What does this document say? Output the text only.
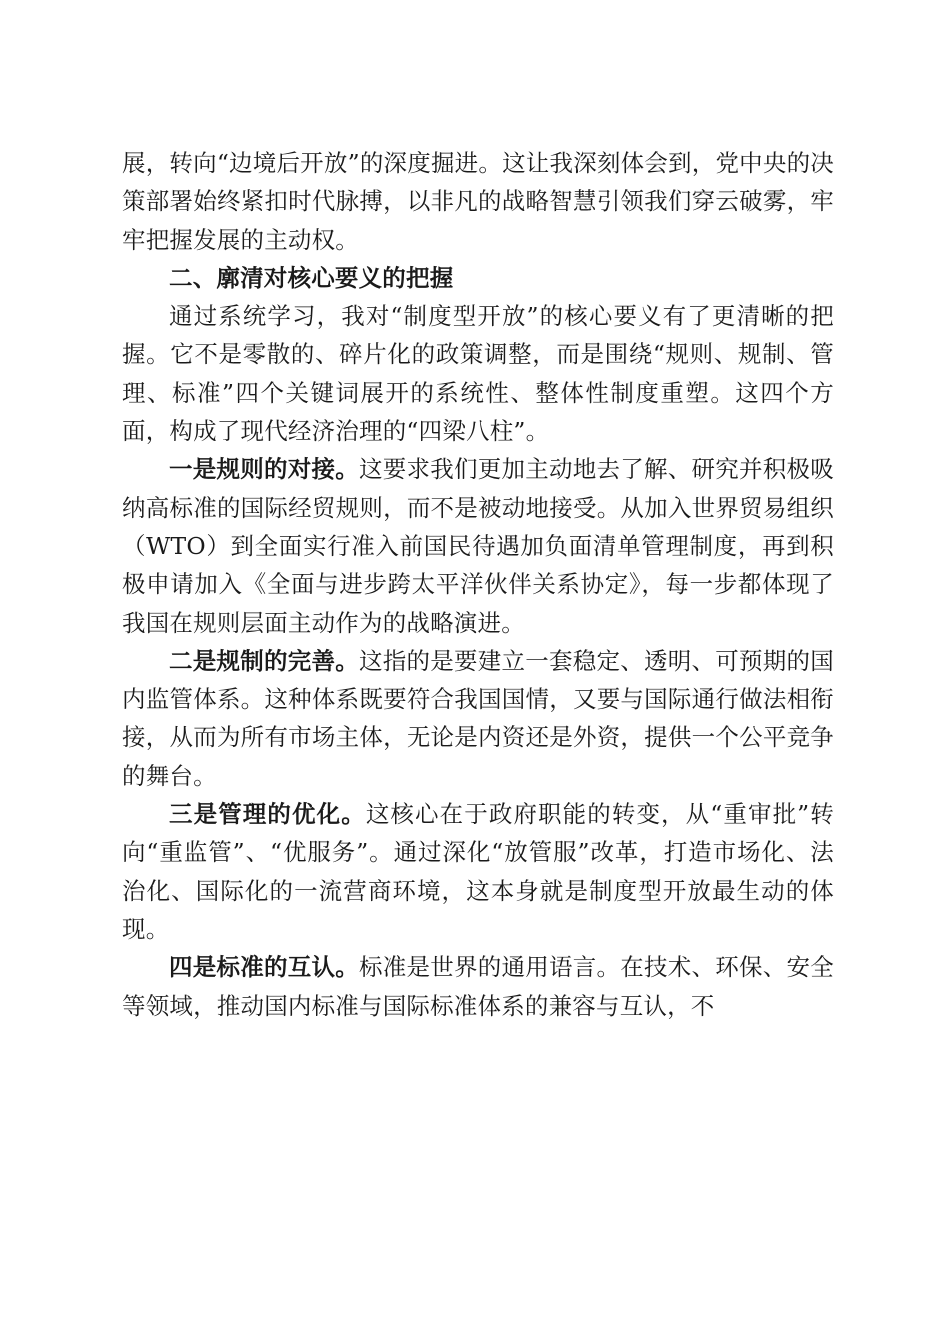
展，转向“边境后开放”的深度掘进。这让我深刻体会到，党中央的决策部署始终紧扣时代脉搏，以非凡的战略智慧引领我们穿云破雾，牢牢把握发展的主动权。

二、廓清对核心要义的把握

通过系统学习，我对“制度型开放”的核心要义有了更清晰的把握。它不是零散的、碎片化的政策调整，而是围绕“规则、规制、管理、标准”四个关键词展开的系统性、整体性制度重塑。这四个方面，构成了现代经济治理的“四梁八柱”。

一是规则的对接。这要求我们更加主动地去了解、研究并积极吸纳高标准的国际经贸规则，而不是被动地接受。从加入世界贸易组织（WTO）到全面实行准入前国民待遇加负面清单管理制度，再到积极申请加入《全面与进步跨太平洋伙伴关系协定》，每一步都体现了我国在规则层面主动作为的战略演进。

二是规制的完善。这指的是要建立一套稳定、透明、可预期的国内监管体系。这种体系既要符合我国国情，又要与国际通行做法相衔接，从而为所有市场主体，无论是内资还是外资，提供一个公平竞争的舞台。

三是管理的优化。这核心在于政府职能的转变，从“重审批”转向“重监管”、“优服务”。通过深化“放管服”改革，打造市场化、法治化、国际化的一流营商环境，这本身就是制度型开放最生动的体现。

四是标准的互认。标准是世界的通用语言。在技术、环保、安全等领域，推动国内标准与国际标准体系的兼容与互认，不
